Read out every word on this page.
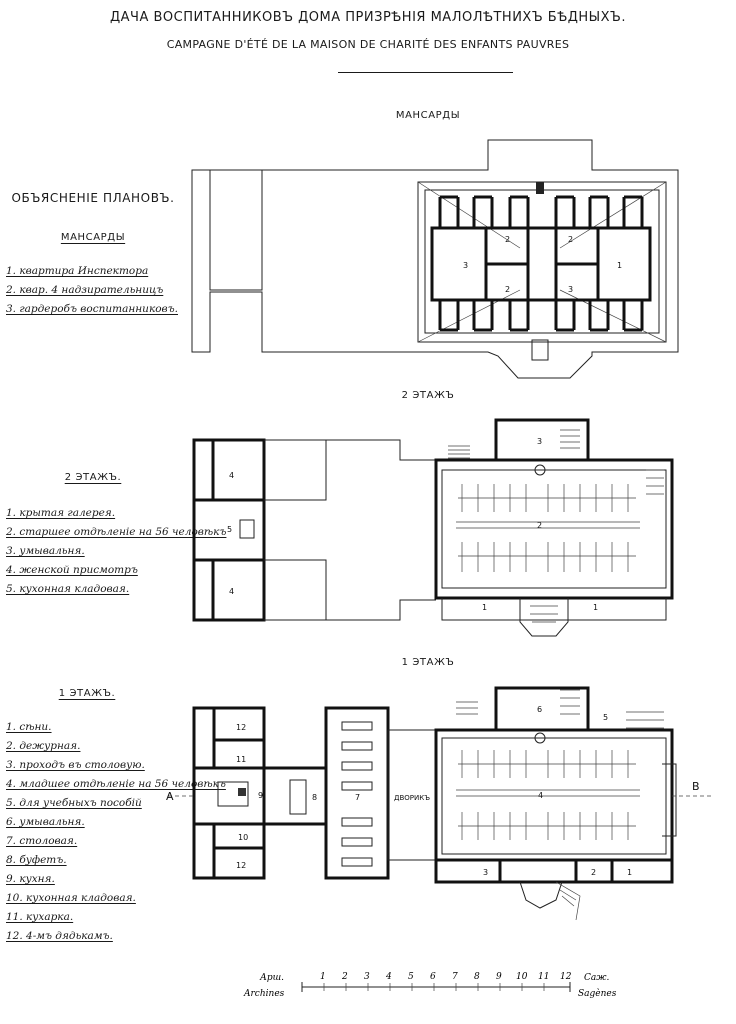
ДАЧА ВОСПИТАННИКОВЪ ДОМА ПРИЗРѢНІЯ МАЛОЛѢТНИХЪ БѢДНЫХЪ.
CAMPAGNE D'ÉTÉ DE LA MAISON DE CHARITÉ DES ENFANTS PAUVRES
МАНСАРДЫ
2 ЭТАЖЪ
1 ЭТАЖЪ
ОБЪЯСНЕНІЕ ПЛАНОВЪ.
МАНСАРДЫ
1. квартира Инспектора
2. квар. 4 надзирательницъ
3. гардеробъ воспитанниковъ.
2 ЭТАЖЪ.
1. крытая галерея.
2. старшее отдѣленіе на 56 человѣкъ
3. умывальня.
4. женской присмотръ
5. кухонная кладовая.
1 ЭТАЖЪ.
1. сѣни.
2. дежурная.
3. проходъ въ столовую.
4. младшее отдѣленіе на 56 человѣкъ
5. для учебныхъ пособій
6. умывальня.
7. столовая.
8. буфетъ.
9. кухня.
10. кухонная кладовая.
11. кухарка.
12. 4-мъ дядькамъ.
3
2	2
1
2	3
4
4
5
3
2
1	1
12
11
10
12
9	8	7	ДВОРИКЪ
A
B
6
5
4
3	2	1
Арш.
Archines
Саж.
Sagènes
1 2 3 4 5 6 7 8 9 10 11 12
